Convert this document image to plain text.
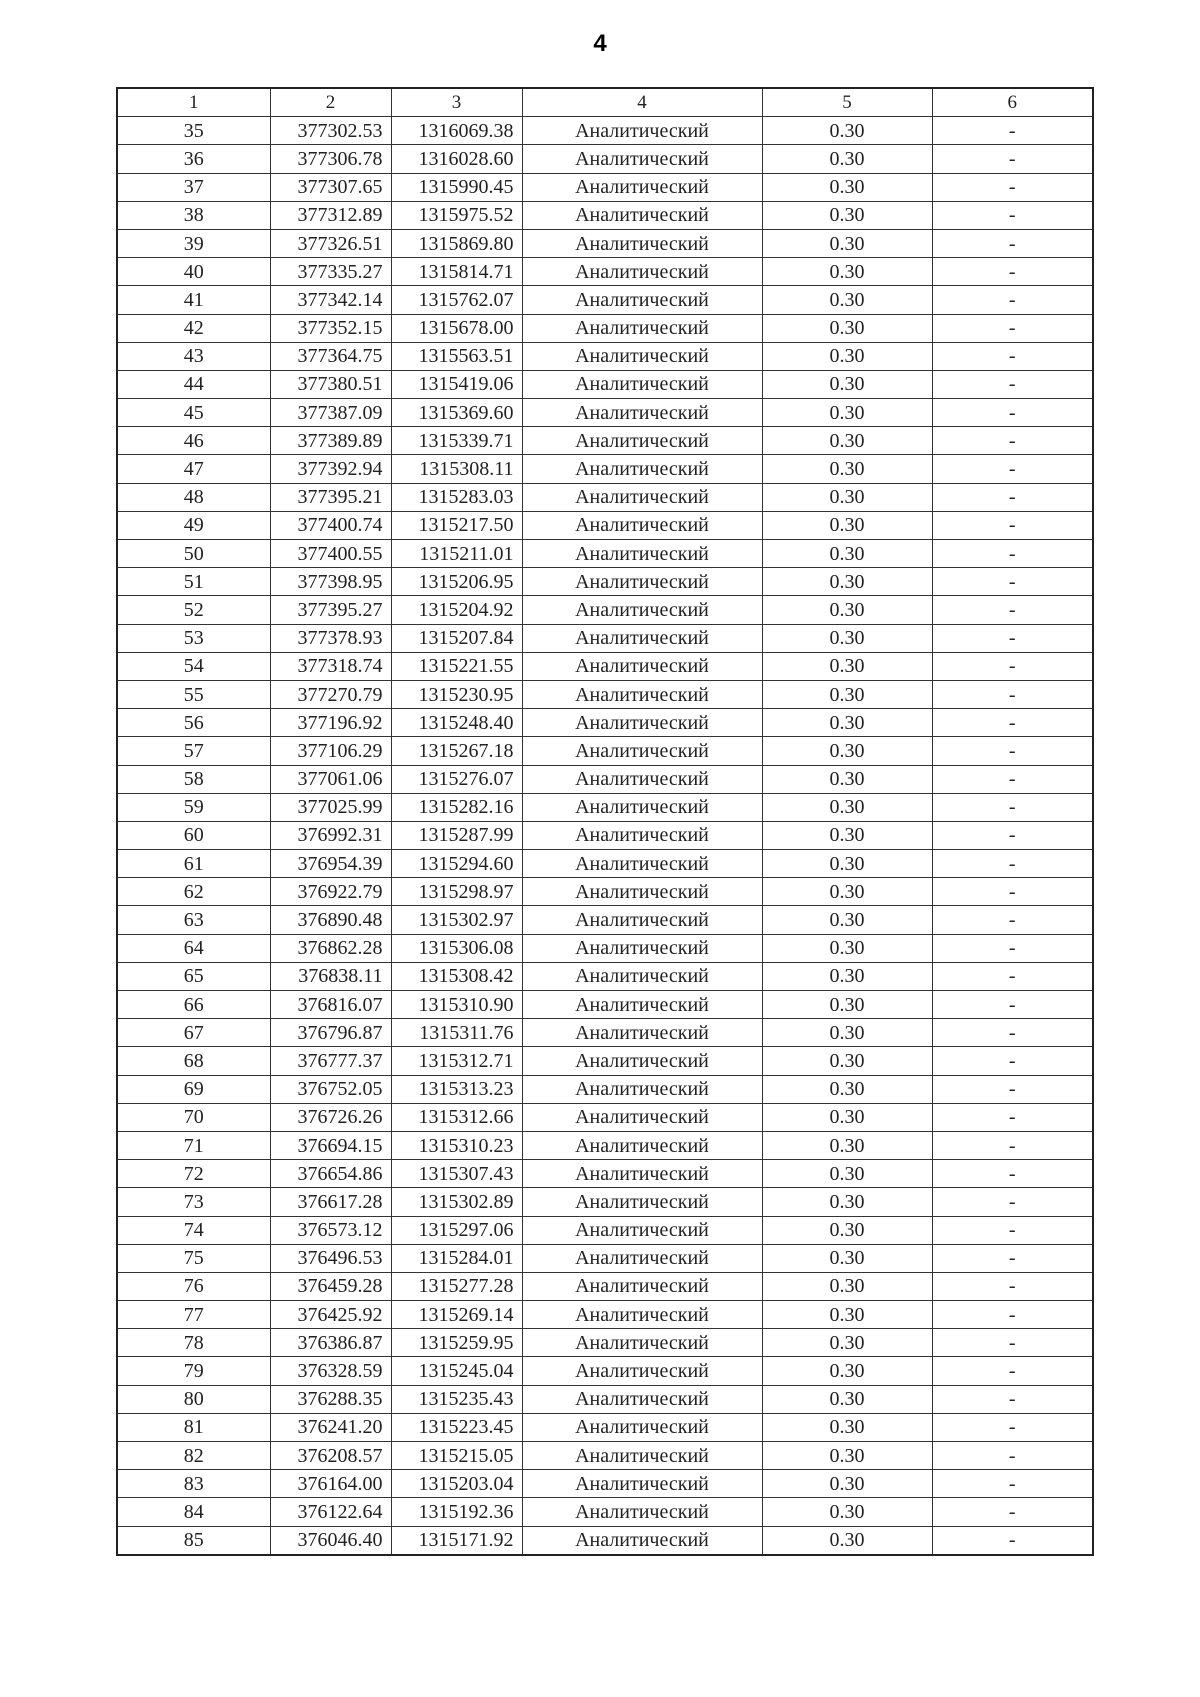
4
1	2	3	4	5	6
35	377302.53	1316069.38	Аналитический	0.30	-
36	377306.78	1316028.60	Аналитический	0.30	-
37	377307.65	1315990.45	Аналитический	0.30	-
38	377312.89	1315975.52	Аналитический	0.30	-
39	377326.51	1315869.80	Аналитический	0.30	-
40	377335.27	1315814.71	Аналитический	0.30	-
41	377342.14	1315762.07	Аналитический	0.30	-
42	377352.15	1315678.00	Аналитический	0.30	-
43	377364.75	1315563.51	Аналитический	0.30	-
44	377380.51	1315419.06	Аналитический	0.30	-
45	377387.09	1315369.60	Аналитический	0.30	-
46	377389.89	1315339.71	Аналитический	0.30	-
47	377392.94	1315308.11	Аналитический	0.30	-
48	377395.21	1315283.03	Аналитический	0.30	-
49	377400.74	1315217.50	Аналитический	0.30	-
50	377400.55	1315211.01	Аналитический	0.30	-
51	377398.95	1315206.95	Аналитический	0.30	-
52	377395.27	1315204.92	Аналитический	0.30	-
53	377378.93	1315207.84	Аналитический	0.30	-
54	377318.74	1315221.55	Аналитический	0.30	-
55	377270.79	1315230.95	Аналитический	0.30	-
56	377196.92	1315248.40	Аналитический	0.30	-
57	377106.29	1315267.18	Аналитический	0.30	-
58	377061.06	1315276.07	Аналитический	0.30	-
59	377025.99	1315282.16	Аналитический	0.30	-
60	376992.31	1315287.99	Аналитический	0.30	-
61	376954.39	1315294.60	Аналитический	0.30	-
62	376922.79	1315298.97	Аналитический	0.30	-
63	376890.48	1315302.97	Аналитический	0.30	-
64	376862.28	1315306.08	Аналитический	0.30	-
65	376838.11	1315308.42	Аналитический	0.30	-
66	376816.07	1315310.90	Аналитический	0.30	-
67	376796.87	1315311.76	Аналитический	0.30	-
68	376777.37	1315312.71	Аналитический	0.30	-
69	376752.05	1315313.23	Аналитический	0.30	-
70	376726.26	1315312.66	Аналитический	0.30	-
71	376694.15	1315310.23	Аналитический	0.30	-
72	376654.86	1315307.43	Аналитический	0.30	-
73	376617.28	1315302.89	Аналитический	0.30	-
74	376573.12	1315297.06	Аналитический	0.30	-
75	376496.53	1315284.01	Аналитический	0.30	-
76	376459.28	1315277.28	Аналитический	0.30	-
77	376425.92	1315269.14	Аналитический	0.30	-
78	376386.87	1315259.95	Аналитический	0.30	-
79	376328.59	1315245.04	Аналитический	0.30	-
80	376288.35	1315235.43	Аналитический	0.30	-
81	376241.20	1315223.45	Аналитический	0.30	-
82	376208.57	1315215.05	Аналитический	0.30	-
83	376164.00	1315203.04	Аналитический	0.30	-
84	376122.64	1315192.36	Аналитический	0.30	-
85	376046.40	1315171.92	Аналитический	0.30	-
